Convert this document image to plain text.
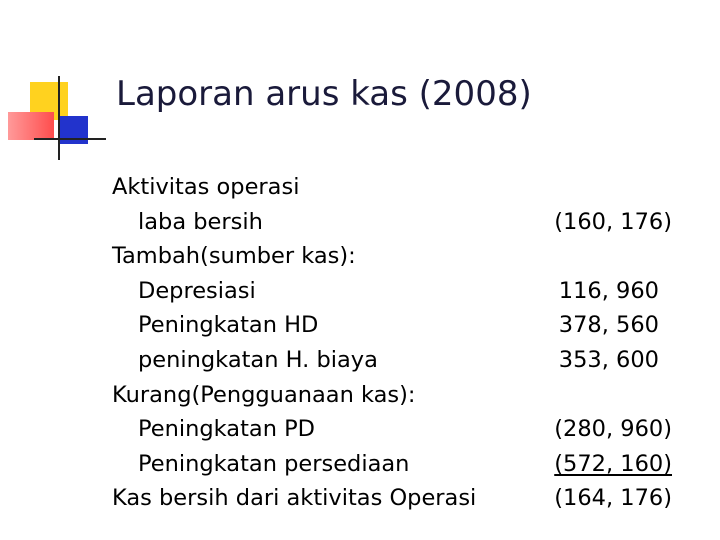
Laporan arus kas (2008)
Aktivitas operasi
laba bersih	(160, 176)
Tambah(sumber kas):
Depresiasi	116, 960
Peningkatan HD	378, 560
peningkatan H. biaya	353, 600
Kurang(Pengguanaan kas):
Peningkatan PD	(280, 960)
Peningkatan persediaan	(572, 160)
Kas bersih dari aktivitas Operasi	(164, 176)
